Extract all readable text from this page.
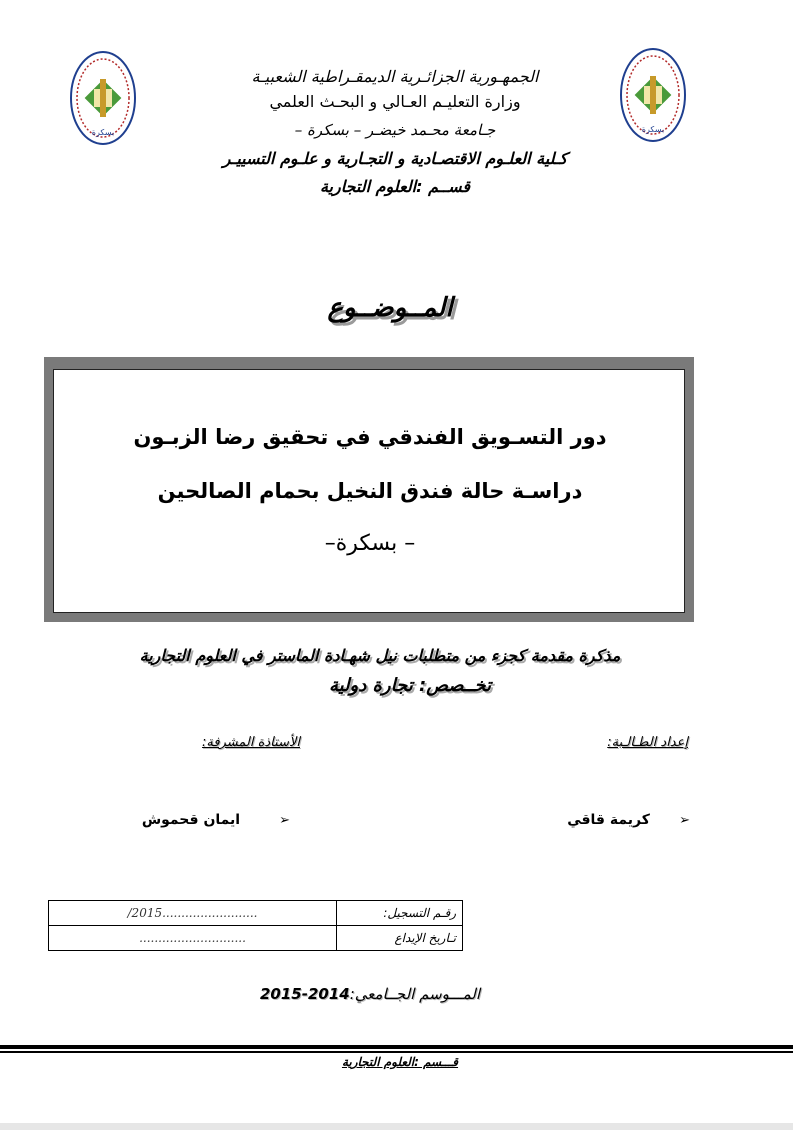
بسكرة	بسكرة
الجمهـورية الجزائـرية الديمقـراطية الشعبيـة
وزارة التعليـم العـالي و البحـث العلمي
جـامعة محـمد خيضـر – بسكرة –
كـلية العلـوم الاقتصـادية و التجـارية و علـوم التسييـر
قســم :العلوم التجارية
المــوضــوع
دور التسـويق الفندقي في تحقيق رضا الزبـون
دراسـة حالة فندق النخيل بحمام الصالحين
– بسكرة–
مذكرة مقدمة كجزء من متطلبات نيل شهـادة الماستر في العلوم التجارية
تخــصص: تجارة دولية
إعداد الطـالـبة:
الأستاذة المشرفة:
➢      كريمة قاقي
➢        ايمان قحموش
/2015.........................	رقـم التسجيل:
............................	تـاريخ الإيداع
المـــوسم الجــامعي:2014-2015
قـــسم :العلوم التجارية
